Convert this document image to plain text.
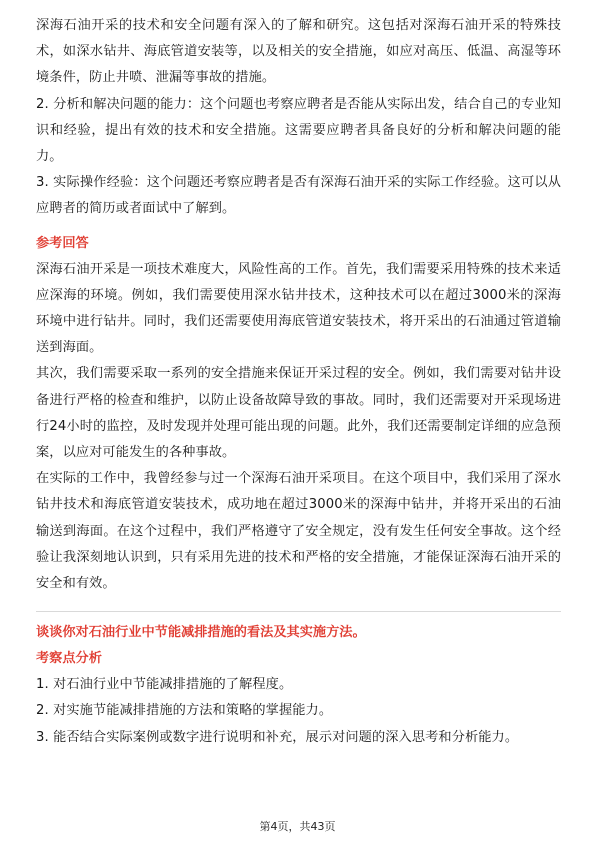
深海石油开采的技术和安全问题有深入的了解和研究。这包括对深海石油开采的特殊技术，如深水钻井、海底管道安装等，以及相关的安全措施，如应对高压、低温、高湿等环境条件，防止井喷、泄漏等事故的措施。

2. 分析和解决问题的能力：这个问题也考察应聘者是否能从实际出发，结合自己的专业知识和经验，提出有效的技术和安全措施。这需要应聘者具备良好的分析和解决问题的能力。

3. 实际操作经验：这个问题还考察应聘者是否有深海石油开采的实际工作经验。这可以从应聘者的简历或者面试中了解到。

参考回答

深海石油开采是一项技术难度大，风险性高的工作。首先，我们需要采用特殊的技术来适应深海的环境。例如，我们需要使用深水钻井技术，这种技术可以在超过3000米的深海环境中进行钻井。同时，我们还需要使用海底管道安装技术，将开采出的石油通过管道输送到海面。

其次，我们需要采取一系列的安全措施来保证开采过程的安全。例如，我们需要对钻井设备进行严格的检查和维护，以防止设备故障导致的事故。同时，我们还需要对开采现场进行24小时的监控，及时发现并处理可能出现的问题。此外，我们还需要制定详细的应急预案，以应对可能发生的各种事故。

在实际的工作中，我曾经参与过一个深海石油开采项目。在这个项目中，我们采用了深水钻井技术和海底管道安装技术，成功地在超过3000米的深海中钻井，并将开采出的石油输送到海面。在这个过程中，我们严格遵守了安全规定，没有发生任何安全事故。这个经验让我深刻地认识到，只有采用先进的技术和严格的安全措施，才能保证深海石油开采的安全和有效。

谈谈你对石油行业中节能减排措施的看法及其实施方法。

考察点分析

1. 对石油行业中节能减排措施的了解程度。

2. 对实施节能减排措施的方法和策略的掌握能力。

3. 能否结合实际案例或数字进行说明和补充，展示对问题的深入思考和分析能力。

第4页，共43页
